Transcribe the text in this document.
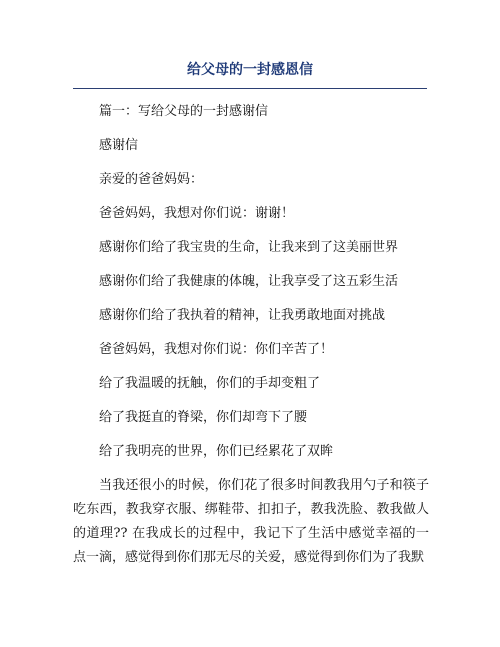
给父母的一封感恩信

篇一：写给父母的一封感谢信

感谢信

亲爱的爸爸妈妈：

爸爸妈妈，我想对你们说：谢谢！

感谢你们给了我宝贵的生命，让我来到了这美丽世界

感谢你们给了我健康的体魄，让我享受了这五彩生活

感谢你们给了我执着的精神，让我勇敢地面对挑战

爸爸妈妈，我想对你们说：你们辛苦了！

给了我温暖的抚触，你们的手却变粗了

给了我挺直的脊梁，你们却弯下了腰

给了我明亮的世界，你们已经累花了双眸

当我还很小的时候，你们花了很多时间教我用勺子和筷子吃东西，教我穿衣服、绑鞋带、扣扣子，教我洗脸、教我做人的道理?? 在我成长的过程中，我记下了生活中感觉幸福的一点一滴，感觉得到你们那无尽的关爱，感觉得到你们为了我默
